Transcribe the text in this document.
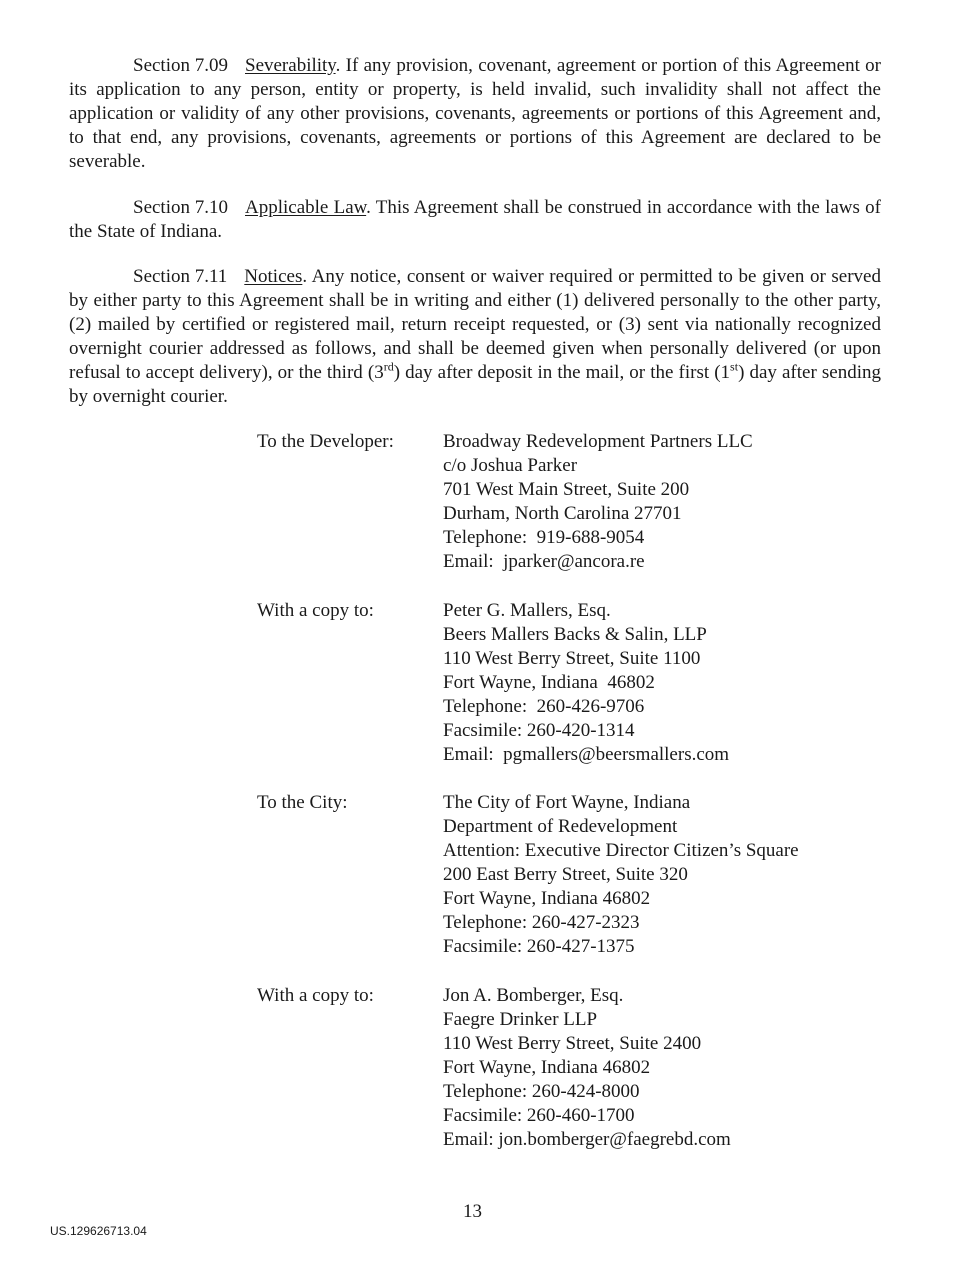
Section 7.09 Severability. If any provision, covenant, agreement or portion of this Agreement or its application to any person, entity or property, is held invalid, such invalidity shall not affect the application or validity of any other provisions, covenants, agreements or portions of this Agreement and, to that end, any provisions, covenants, agreements or portions of this Agreement are declared to be severable.

Section 7.10 Applicable Law. This Agreement shall be construed in accordance with the laws of the State of Indiana.

Section 7.11 Notices. Any notice, consent or waiver required or permitted to be given or served by either party to this Agreement shall be in writing and either (1) delivered personally to the other party, (2) mailed by certified or registered mail, return receipt requested, or (3) sent via nationally recognized overnight courier addressed as follows, and shall be deemed given when personally delivered (or upon refusal to accept delivery), or the third (3rd) day after deposit in the mail, or the first (1st) day after sending by overnight courier.

To the Developer:	Broadway Redevelopment Partners LLC
c/o Joshua Parker
701 West Main Street, Suite 200
Durham, North Carolina 27701
Telephone:  919-688-9054
Email:  jparker@ancora.re
With a copy to:	Peter G. Mallers, Esq.
Beers Mallers Backs & Salin, LLP
110 West Berry Street, Suite 1100
Fort Wayne, Indiana  46802
Telephone:  260-426-9706
Facsimile: 260-420-1314
Email:  pgmallers@beersmallers.com
To the City:	The City of Fort Wayne, Indiana
Department of Redevelopment
Attention: Executive Director Citizen’s Square
200 East Berry Street, Suite 320
Fort Wayne, Indiana 46802
Telephone: 260-427-2323
Facsimile: 260-427-1375
With a copy to:	Jon A. Bomberger, Esq.
Faegre Drinker LLP
110 West Berry Street, Suite 2400
Fort Wayne, Indiana 46802
Telephone: 260-424-8000
Facsimile: 260-460-1700
Email: jon.bomberger@faegrebd.com
13
US.129626713.04
